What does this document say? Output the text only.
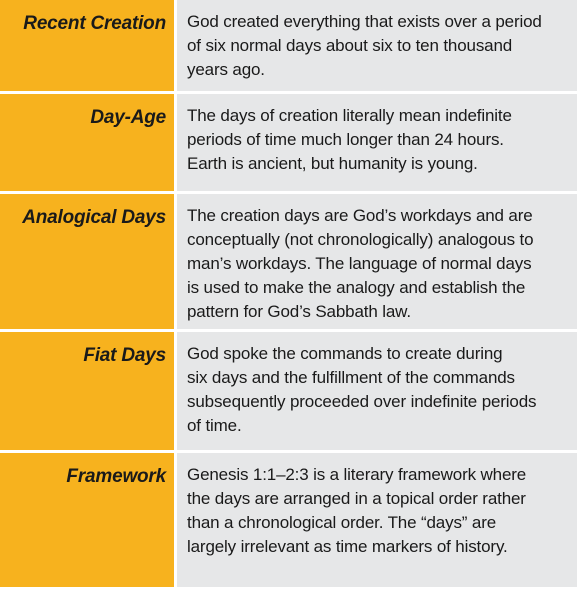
Recent Creation God created everything that exists over a period
of six normal days about six to ten thousand
years ago.
Day-Age The days of creation literally mean indefinite
periods of time much longer than 24 hours.
Earth is ancient, but humanity is young.
Analogical Days The creation days are God’s workdays and are
conceptually (not chronologically) analogous to
man’s workdays. The language of normal days
is used to make the analogy and establish the
pattern for God’s Sabbath law.
Fiat Days God spoke the commands to create during
six days and the fulfillment of the commands
subsequently proceeded over indefinite periods
of time.
Framework Genesis 1:1–2:3 is a literary framework where
the days are arranged in a topical order rather
than a chronological order. The “days” are
largely irrelevant as time markers of history.
